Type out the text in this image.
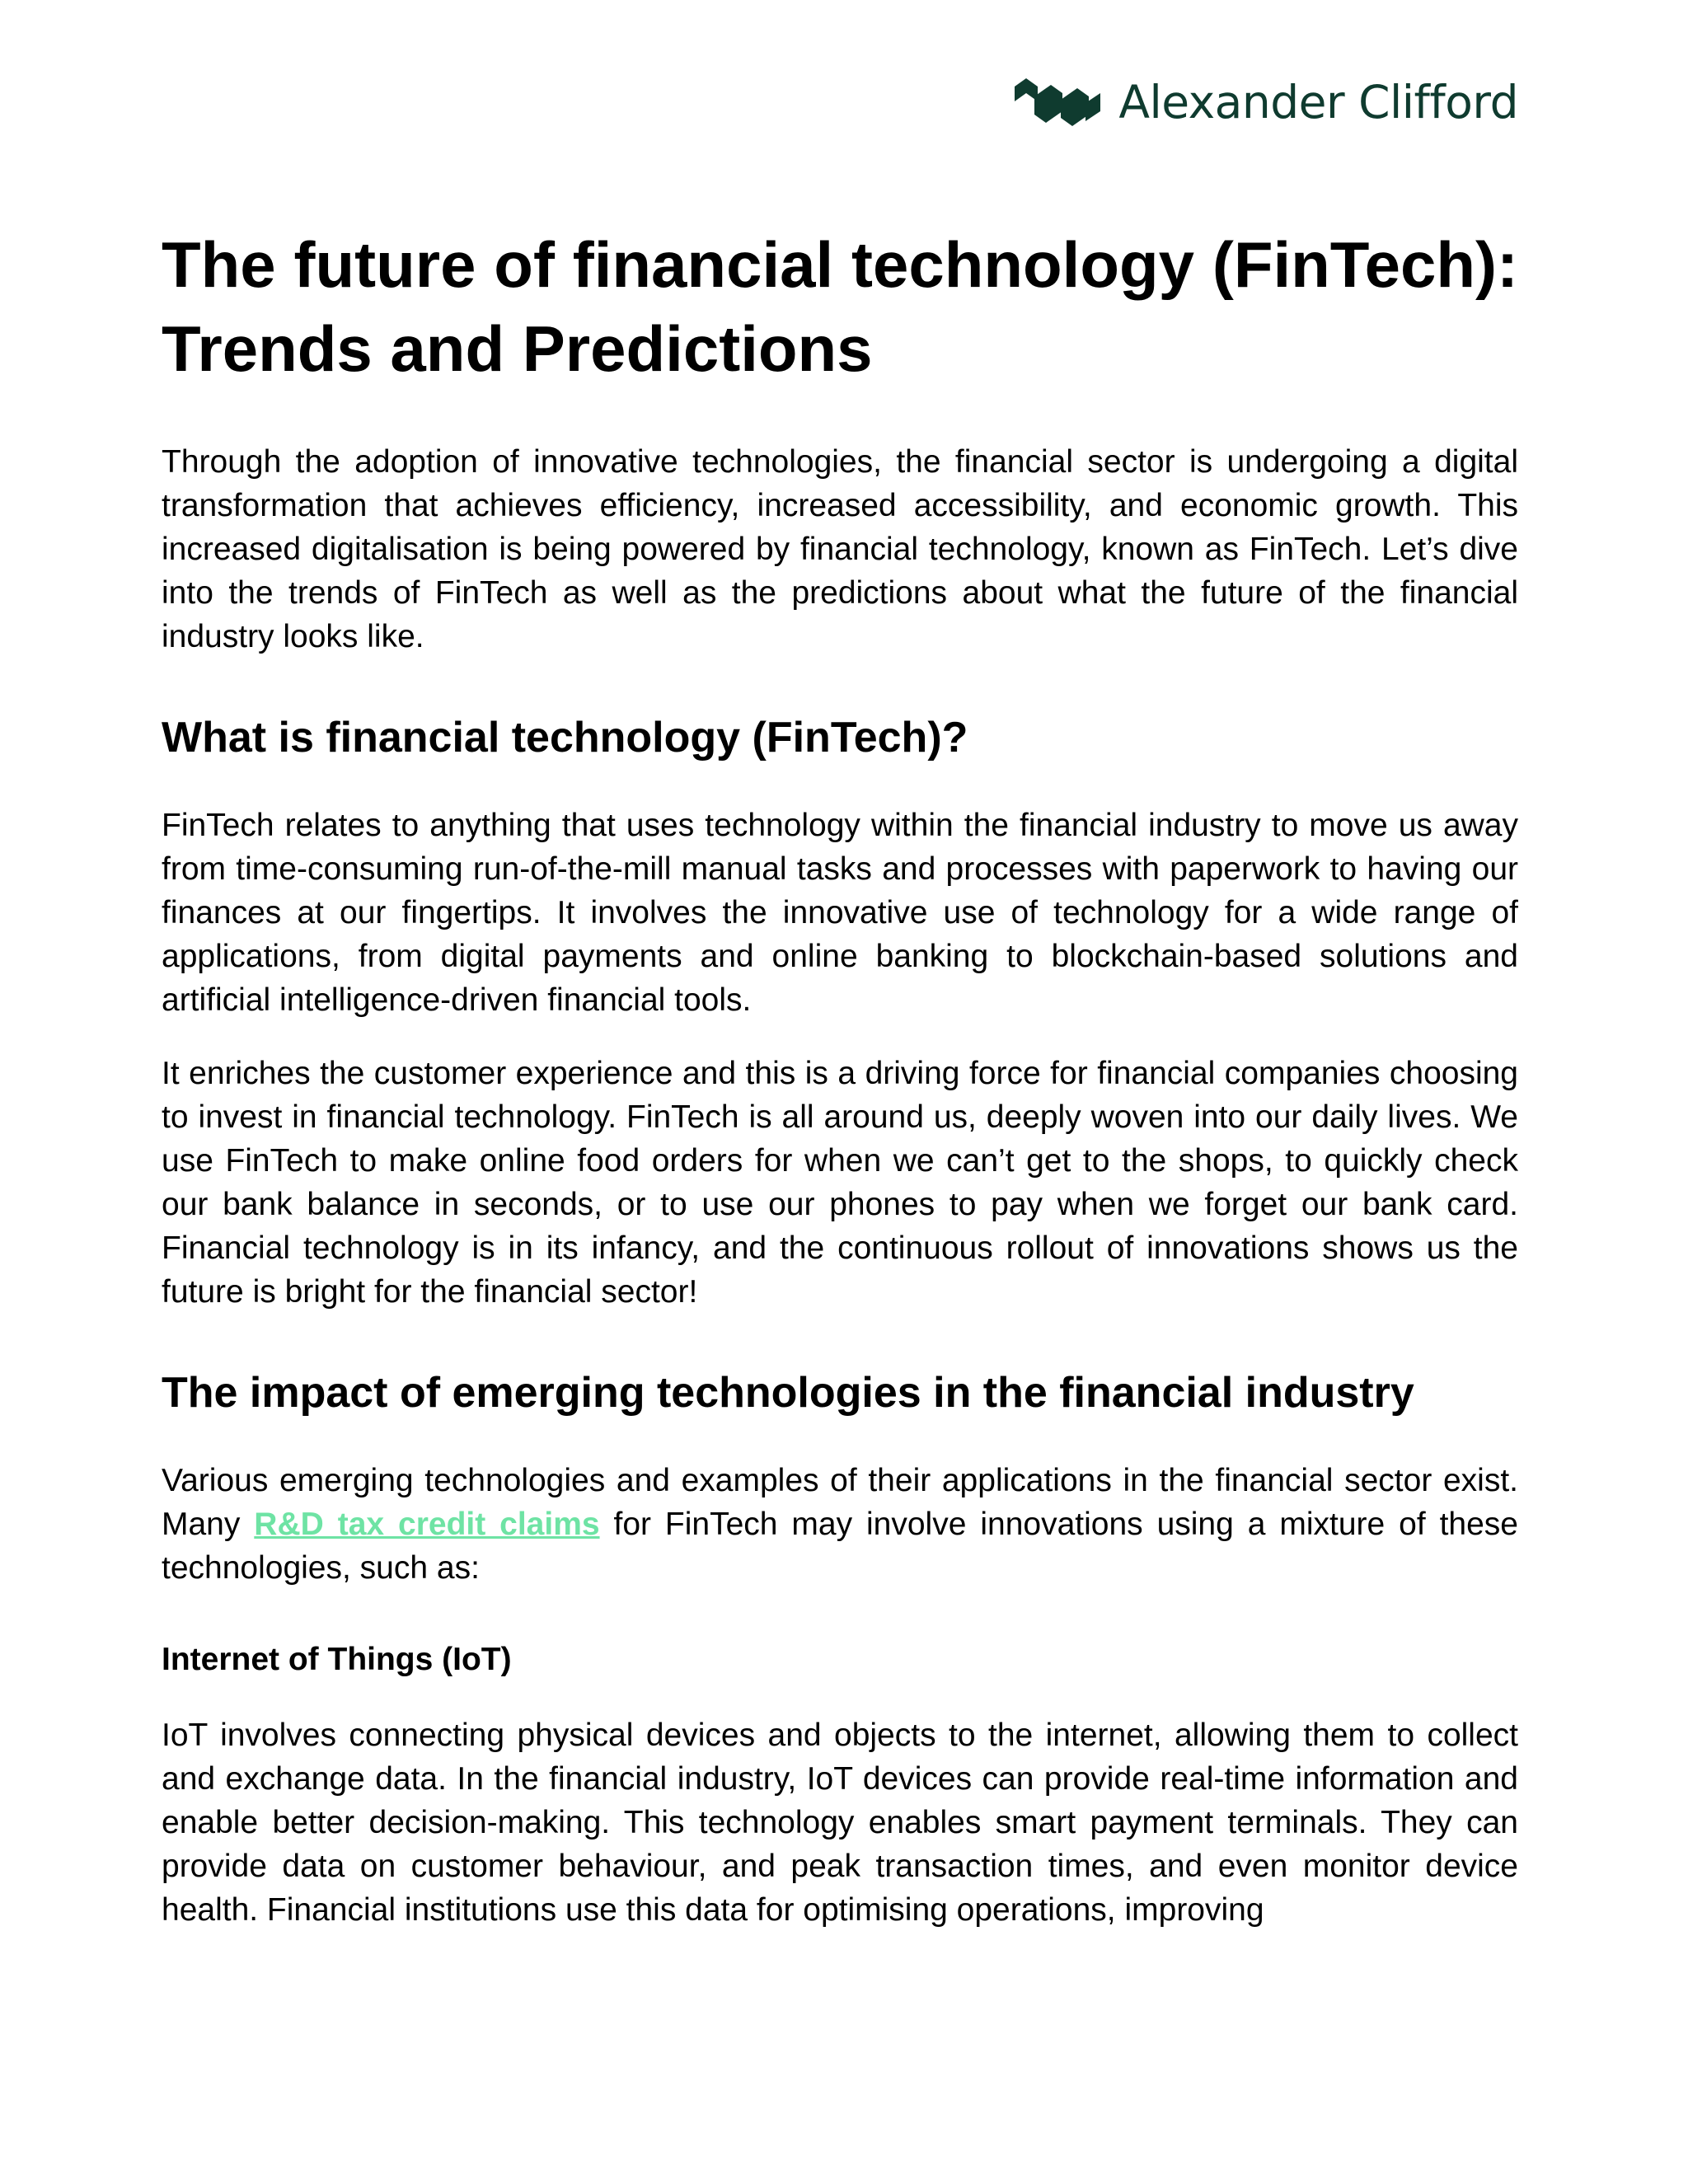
Alexander Clifford
The future of financial technology (FinTech): Trends and Predictions

Through the adoption of innovative technologies, the financial sector is undergoing a digital transformation that achieves efficiency, increased accessibility, and economic growth. This increased digitalisation is being powered by financial technology, known as FinTech. Let’s dive into the trends of FinTech as well as the predictions about what the future of the financial industry looks like.

What is financial technology (FinTech)?

FinTech relates to anything that uses technology within the financial industry to move us away from time-consuming run-of-the-mill manual tasks and processes with paperwork to having our finances at our fingertips. It involves the innovative use of technology for a wide range of applications, from digital payments and online banking to blockchain-based solutions and artificial intelligence-driven financial tools.

It enriches the customer experience and this is a driving force for financial companies choosing to invest in financial technology. FinTech is all around us, deeply woven into our daily lives. We use FinTech to make online food orders for when we can’t get to the shops, to quickly check our bank balance in seconds, or to use our phones to pay when we forget our bank card. Financial technology is in its infancy, and the continuous rollout of innovations shows us the future is bright for the financial sector!

The impact of emerging technologies in the financial industry

Various emerging technologies and examples of their applications in the financial sector exist. Many R&D tax credit claims for FinTech may involve innovations using a mixture of these technologies, such as:

Internet of Things (IoT)

IoT involves connecting physical devices and objects to the internet, allowing them to collect and exchange data. In the financial industry, IoT devices can provide real-time information and enable better decision-making. This technology enables smart payment terminals. They can provide data on customer behaviour, and peak transaction times, and even monitor device health. Financial institutions use this data for optimising operations, improving
